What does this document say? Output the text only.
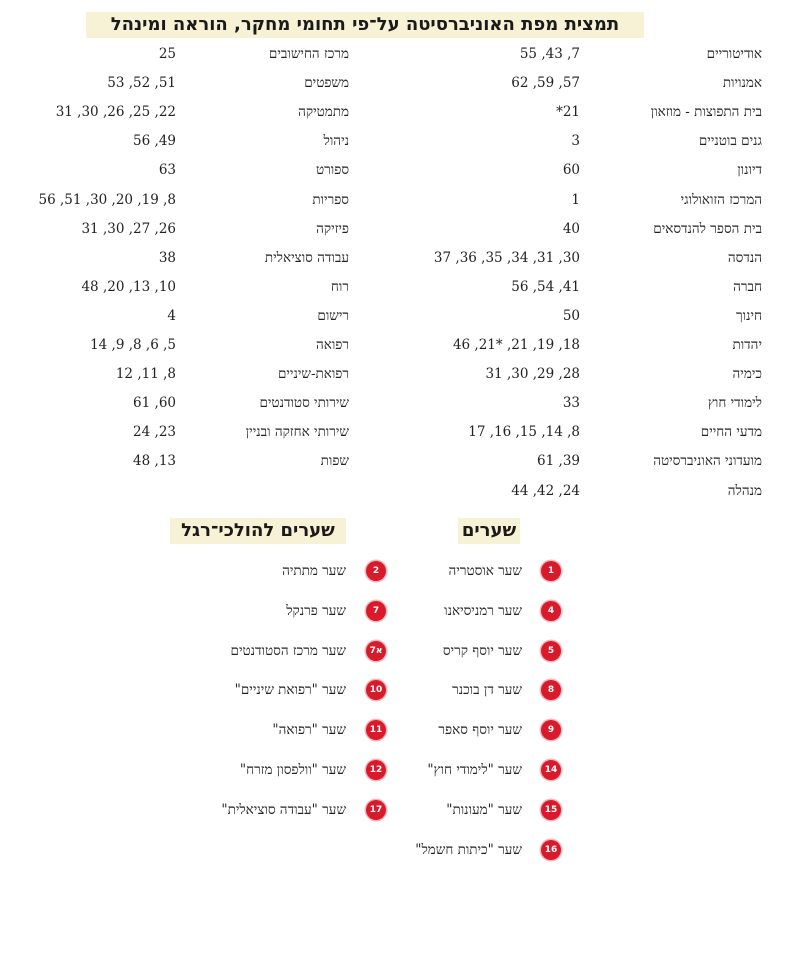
תמצית מפת האוניברסיטה על־פי תחומי מחקר, הוראה ומינהל
אודיטוריים
7, 43, 55
אמנויות
57, 59, 62
בית התפוצות - מוזאון
21*
גנים בוטניים
3
דיונון
60
המרכז הזואולוגי
1
בית הספר להנדסאים
40
הנדסה
30, 31, 34, 35, 36, 37
חברה
41, 54, 56
חינוך
50
יהדות
18, 19, 21, *21, 46
כימיה
28, 29, 30, 31
לימודי חוץ
33
מדעי החיים
8, 14, 15, 16, 17
מועדוני האוניברסיטה
39, 61
מנהלה
24, 42, 44
מרכז החישובים
25
משפטים
51, 52, 53
מתמטיקה
22, 25, 26, 30, 31
ניהול
49, 56
ספורט
63
ספריות
8, 19, 20, 30, 51, 56
פיזיקה
26, 27, 30, 31
עבודה סוציאלית
38
רוח
10, 13, 20, 48
רישום
4
רפואה
5, 6, 8, 9, 14
רפואת-שיניים
8, 11, 12
שירותי סטודנטים
60, 61
שירותי אחזקה ובניין
23, 24
שפות
13, 48
שערים
שערים להולכי־רגל
1
שער אוסטריה
4
שער רמניסיאנו
5
שער יוסף קריס
8
שער דן בוכנר
9
שער יוסף סאפר
14
שער "לימודי חוץ"
15
שער "מעונות"
16
שער "כיתות חשמל"
2
שער מתתיה
7
שער פרנקל
7א
שער מרכז הסטודנטים
10
שער "רפואת שיניים"
11
שער "רפואה"
12
שער "וולפסון מזרח"
17
שער "עבודה סוציאלית"
